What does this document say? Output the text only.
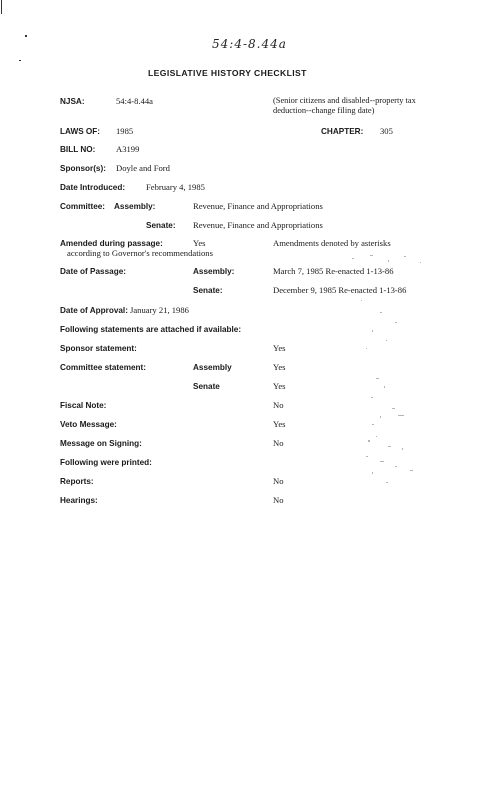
54:4-8.44a
LEGISLATIVE HISTORY CHECKLIST
NJSA:	54:4-8.44a	(Senior citizens and disabled--property tax deduction--change filing date)
LAWS OF: 1985	CHAPTER: 305
BILL NO: A3199
Sponsor(s): Doyle and Ford
Date Introduced: February 4, 1985
Committee: Assembly:	Revenue, Finance and Appropriations
Senate: Revenue, Finance and Appropriations
Amended during passage:	Yes	Amendments denoted by asterisks
according to Governor's recommendations
Date of Passage:	Assembly:	March 7, 1985 Re-enacted 1-13-86
Senate:	December 9, 1985 Re-enacted 1-13-86
Date of Approval: January 21, 1986
Following statements are attached if available:
Sponsor statement:	Yes
Committee statement:	Assembly	Yes
Senate	Yes
Fiscal Note:	No
Veto Message:	Yes
Message on Signing:	No
Following were printed:
Reports:	No
Hearings:	No
